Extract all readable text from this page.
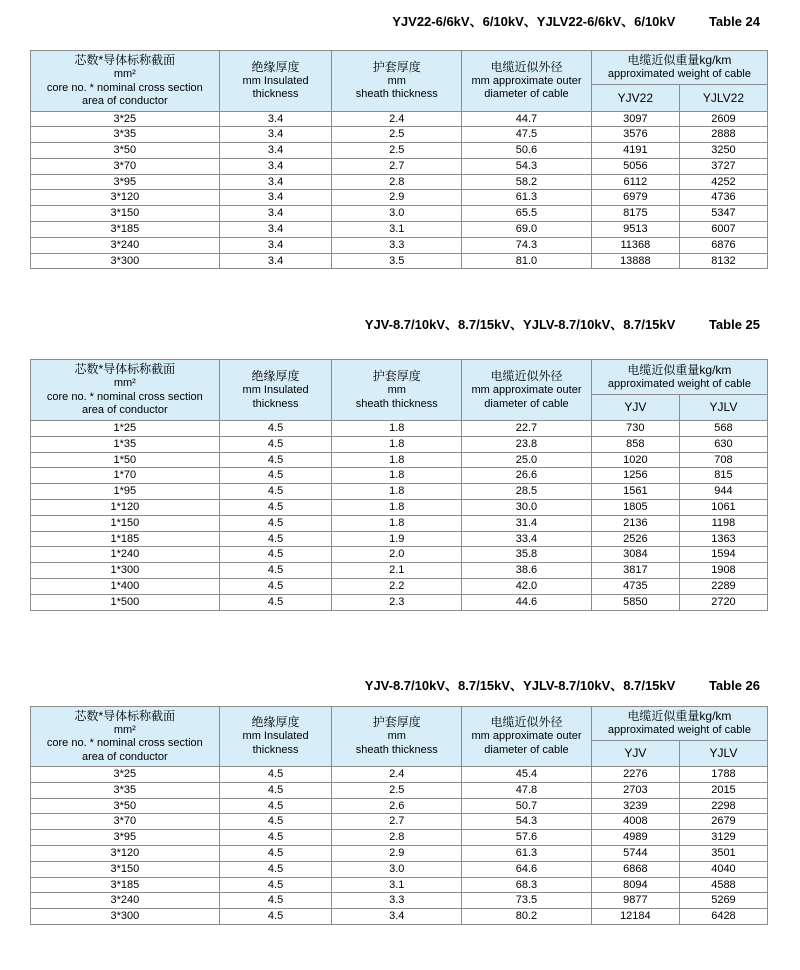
YJV22-6/6kV、6/10kV、YJLV22-6/6kV、6/10kV	Table 24
芯数*导体标称截面
mm²
core no. * nominal cross section
area of conductor

绝缘厚度
mm Insulated
thickness

护套厚度
mm
sheath thickness

电缆近似外径
mm approximate outer
diameter of cable

电缆近似重量kg/km
approximated weight of cable

				YJV22	YJLV22
3*25	3.4	2.4	44.7	3097	2609
3*35	3.4	2.5	47.5	3576	2888
3*50	3.4	2.5	50.6	4191	3250
3*70	3.4	2.7	54.3	5056	3727
3*95	3.4	2.8	58.2	6112	4252
3*120	3.4	2.9	61.3	6979	4736
3*150	3.4	3.0	65.5	8175	5347
3*185	3.4	3.1	69.0	9513	6007
3*240	3.4	3.3	74.3	11368	6876
3*300	3.4	3.5	81.0	13888	8132
YJV-8.7/10kV、8.7/15kV、YJLV-8.7/10kV、8.7/15kV	Table 25
芯数*导体标称截面
mm²
core no. * nominal cross section
area of conductor

绝缘厚度
mm Insulated
thickness

护套厚度
mm
sheath thickness

电缆近似外径
mm approximate outer
diameter of cable

电缆近似重量kg/km
approximated weight of cable

				YJV	YJLV
1*25	4.5	1.8	22.7	730	568
1*35	4.5	1.8	23.8	858	630
1*50	4.5	1.8	25.0	1020	708
1*70	4.5	1.8	26.6	1256	815
1*95	4.5	1.8	28.5	1561	944
1*120	4.5	1.8	30.0	1805	1061
1*150	4.5	1.8	31.4	2136	1198
1*185	4.5	1.9	33.4	2526	1363
1*240	4.5	2.0	35.8	3084	1594
1*300	4.5	2.1	38.6	3817	1908
1*400	4.5	2.2	42.0	4735	2289
1*500	4.5	2.3	44.6	5850	2720
YJV-8.7/10kV、8.7/15kV、YJLV-8.7/10kV、8.7/15kV	Table 26
芯数*导体标称截面
mm²
core no. * nominal cross section
area of conductor

绝缘厚度
mm Insulated
thickness

护套厚度
mm
sheath thickness

电缆近似外径
mm approximate outer
diameter of cable

电缆近似重量kg/km
approximated weight of cable

				YJV	YJLV
3*25	4.5	2.4	45.4	2276	1788
3*35	4.5	2.5	47.8	2703	2015
3*50	4.5	2.6	50.7	3239	2298
3*70	4.5	2.7	54.3	4008	2679
3*95	4.5	2.8	57.6	4989	3129
3*120	4.5	2.9	61.3	5744	3501
3*150	4.5	3.0	64.6	6868	4040
3*185	4.5	3.1	68.3	8094	4588
3*240	4.5	3.3	73.5	9877	5269
3*300	4.5	3.4	80.2	12184	6428
